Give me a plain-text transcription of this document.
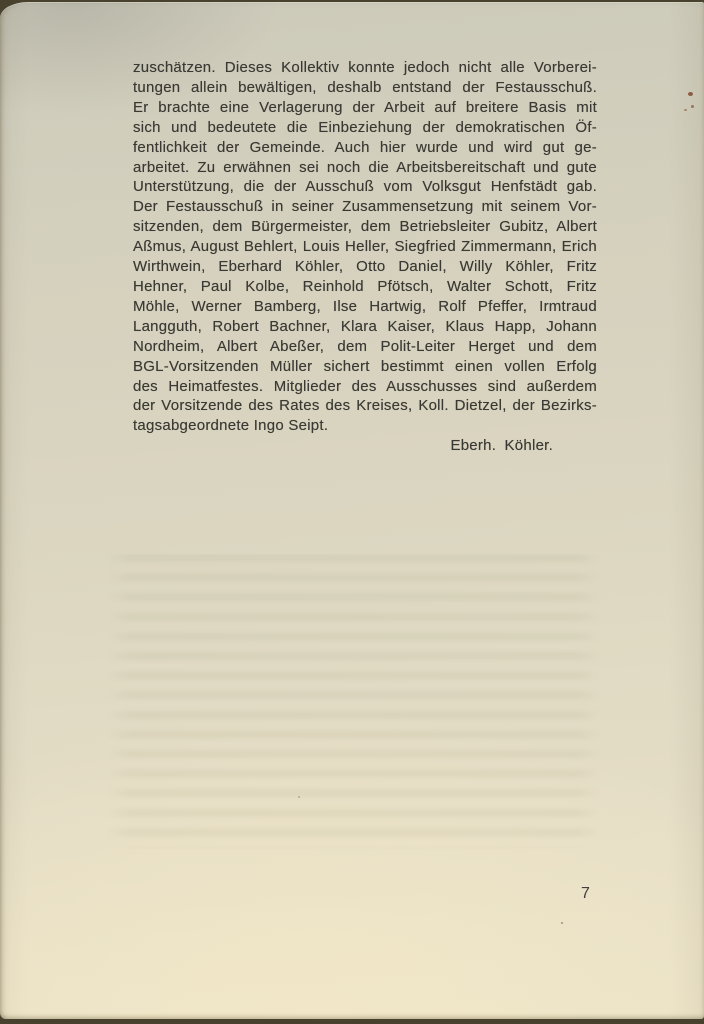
zuschätzen. Dieses Kollektiv konnte jedoch nicht alle Vorberei-
tungen allein bewältigen, deshalb entstand der Festausschuß.
Er brachte eine Verlagerung der Arbeit auf breitere Basis mit
sich und bedeutete die Einbeziehung der demokratischen Öf-
fentlichkeit der Gemeinde. Auch hier wurde und wird gut ge-
arbeitet. Zu erwähnen sei noch die Arbeitsbereitschaft und gute
Unterstützung, die der Ausschuß vom Volksgut Henfstädt gab.
Der Festausschuß in seiner Zusammensetzung mit seinem Vor-
sitzenden, dem Bürgermeister, dem Betriebsleiter Gubitz, Albert
Aßmus, August Behlert, Louis Heller, Siegfried Zimmermann, Erich
Wirthwein, Eberhard Köhler, Otto Daniel, Willy Köhler, Fritz
Hehner, Paul Kolbe, Reinhold Pfötsch, Walter Schott, Fritz
Möhle, Werner Bamberg, Ilse Hartwig, Rolf Pfeffer, Irmtraud
Langguth, Robert Bachner, Klara Kaiser, Klaus Happ, Johann
Nordheim, Albert Abeßer, dem Polit-Leiter Herget und dem
BGL-Vorsitzenden Müller sichert bestimmt einen vollen Erfolg
des Heimatfestes. Mitglieder des Ausschusses sind außerdem
der Vorsitzende des Rates des Kreises, Koll. Dietzel, der Bezirks-
tagsabgeordnete Ingo Seipt.
Eberh. Köhler.
7
